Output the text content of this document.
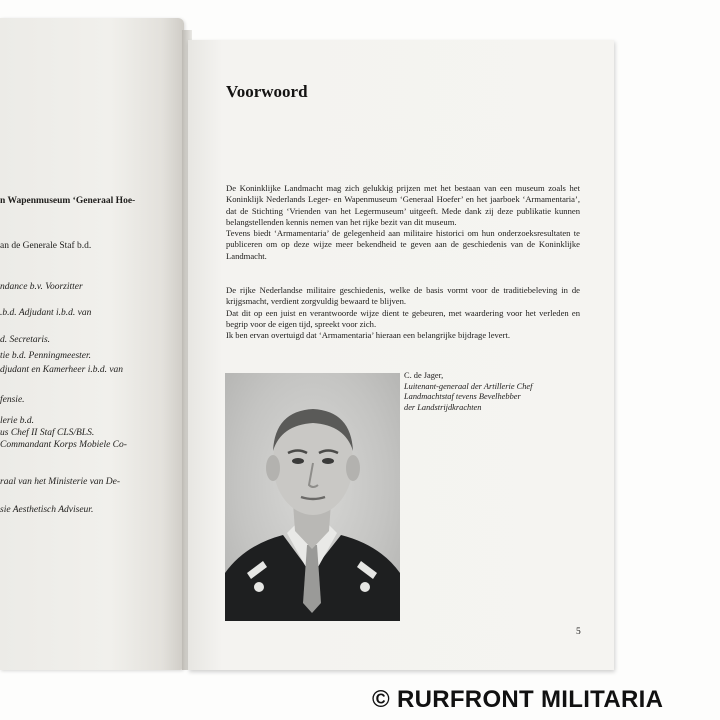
n Wapenmuseum ‘Generaal Hoe-
an de Generale Staf b.d.
ndance b.v. Voorzitter
.b.d. Adjudant i.b.d. van
d. Secretaris.
tie b.d. Penningmeester.
djudant en Kamerheer i.b.d. van
fensie.
lerie b.d.
us Chef II Staf CLS/BLS.
Commandant Korps Mobiele Co-
raal van het Ministerie van De-
sie Aesthetisch Adviseur.
Voorwoord

De Koninklijke Landmacht mag zich gelukkig prijzen met het bestaan van een museum zoals het Koninklijk Nederlands Leger- en Wapenmuseum ‘Generaal Hoefer’ en het jaarboek ‘Armamentaria’, dat de Stichting ‘Vrienden van het Legermuseum’ uitgeeft. Mede dank zij deze publikatie kunnen belangstellenden kennis nemen van het rijke bezit van dit museum.

Tevens biedt ‘Armamentaria’ de gelegenheid aan militaire historici om hun onderzoeksresultaten te publiceren om op deze wijze meer bekendheid te geven aan de geschiedenis van de Koninklijke Landmacht.

De rijke Nederlandse militaire geschiedenis, welke de basis vormt voor de traditiebeleving in de krijgsmacht, verdient zorgvuldig bewaard te blijven.

Dat dit op een juist en verantwoorde wijze dient te gebeuren, met waardering voor het verleden en begrip voor de eigen tijd, spreekt voor zich.

Ik ben ervan overtuigd dat ‘Armamentaria’ hieraan een belangrijke bijdrage levert.

C. de Jager,
Luitenant-generaal der Artillerie Chef
Landmachtstaf tevens Bevelhebber
der Landstrijdkrachten
5
© RURFRONT MILITARIA
